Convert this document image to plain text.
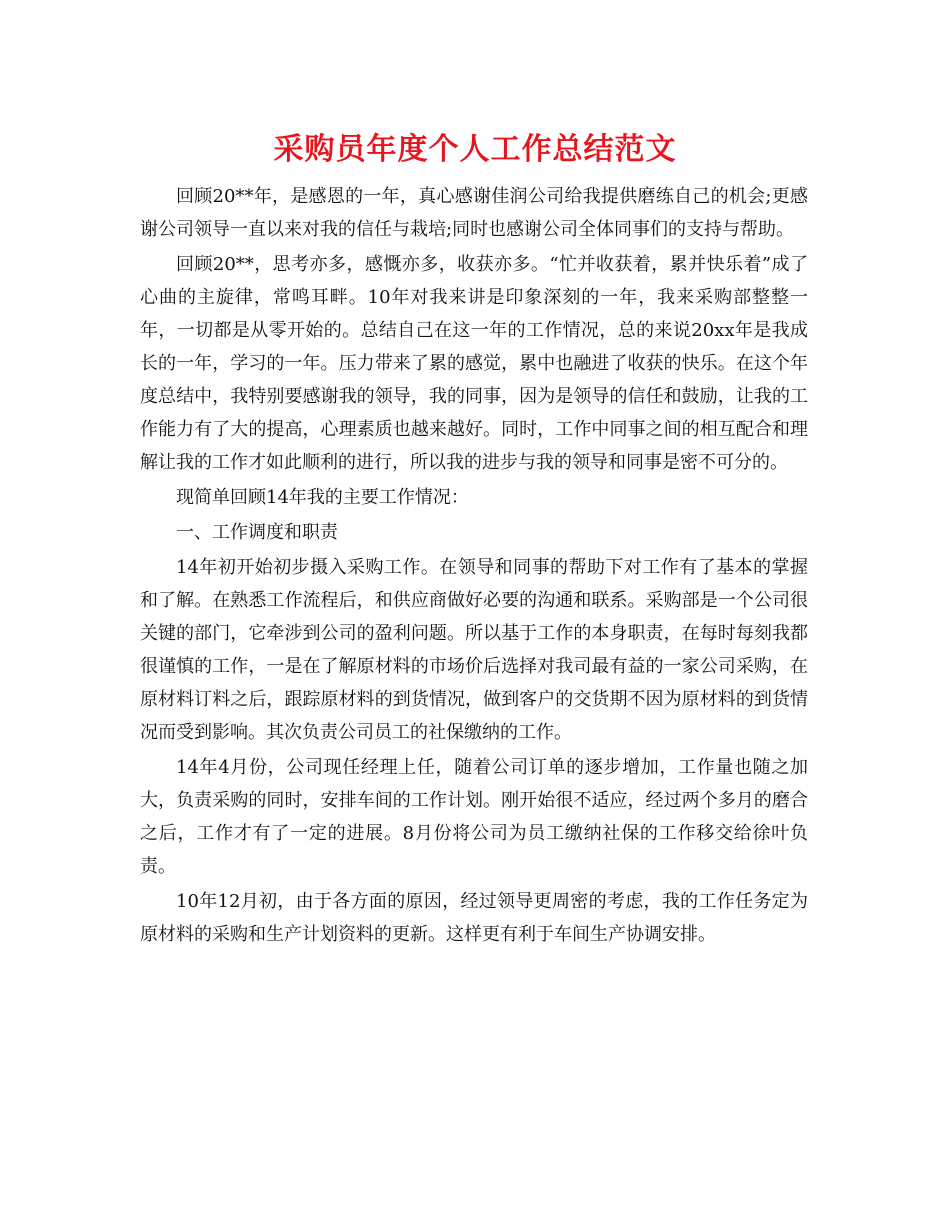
采购员年度个人工作总结范文

回顾20**年，是感恩的一年，真心感谢佳润公司给我提供磨练自己的机会;更感谢公司领导一直以来对我的信任与栽培;同时也感谢公司全体同事们的支持与帮助。

回顾20**，思考亦多，感慨亦多，收获亦多。“忙并收获着，累并快乐着”成了心曲的主旋律，常鸣耳畔。10年对我来讲是印象深刻的一年，我来采购部整整一年，一切都是从零开始的。总结自己在这一年的工作情况，总的来说20xx年是我成长的一年，学习的一年。压力带来了累的感觉，累中也融进了收获的快乐。在这个年度总结中，我特别要感谢我的领导，我的同事，因为是领导的信任和鼓励，让我的工作能力有了大的提高，心理素质也越来越好。同时，工作中同事之间的相互配合和理解让我的工作才如此顺利的进行，所以我的进步与我的领导和同事是密不可分的。

现简单回顾14年我的主要工作情况：

一、工作调度和职责

14年初开始初步摄入采购工作。在领导和同事的帮助下对工作有了基本的掌握和了解。在熟悉工作流程后，和供应商做好必要的沟通和联系。采购部是一个公司很关键的部门，它牵涉到公司的盈利问题。所以基于工作的本身职责，在每时每刻我都很谨慎的工作，一是在了解原材料的市场价后选择对我司最有益的一家公司采购，在原材料订料之后，跟踪原材料的到货情况，做到客户的交货期不因为原材料的到货情况而受到影响。其次负责公司员工的社保缴纳的工作。

14年4月份，公司现任经理上任，随着公司订单的逐步增加，工作量也随之加大，负责采购的同时，安排车间的工作计划。刚开始很不适应，经过两个多月的磨合之后，工作才有了一定的进展。8月份将公司为员工缴纳社保的工作移交给徐叶负责。

10年12月初，由于各方面的原因，经过领导更周密的考虑，我的工作任务定为原材料的采购和生产计划资料的更新。这样更有利于车间生产协调安排。
